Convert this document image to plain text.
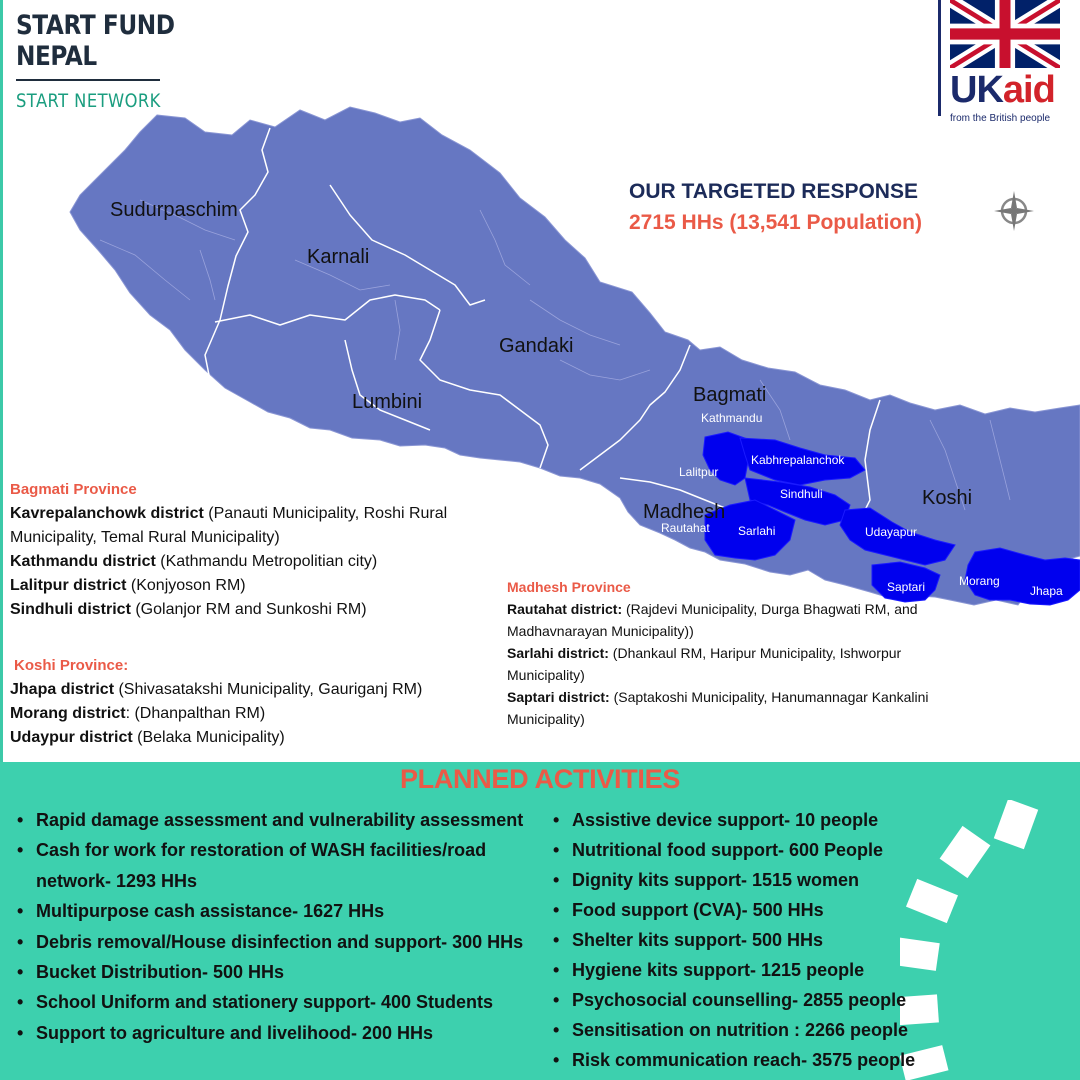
Sudurpaschim
Karnali
Gandaki
Lumbini	Bagmati
Madhesh
Koshi
Kathmandu
Kabhrepalanchok
Lalitpur
Sindhuli
Rautahat Sarlahi	Udayapur
Saptari	Morang
Jhapa
START FUND
NEPAL
START NETWORK	UKaid
from the British people
OUR TARGETED RESPONSE
2715 HHs (13,541 Population)
Bagmati Province
Kavrepalanchowk district (Panauti Municipality, Roshi Rural Municipality, Temal Rural Municipality)
Kathmandu district (Kathmandu Metropolitian city)
Lalitpur district (Konjyoson RM)
Sindhuli district (Golanjor RM and Sunkoshi RM)
Koshi Province:
Jhapa district (Shivasatakshi Municipality, Gauriganj RM)
Morang district: (Dhanpalthan RM)
Udaypur district (Belaka Municipality)
Madhesh Province
Rautahat district: (Rajdevi Municipality, Durga Bhagwati RM, and Madhavnarayan Municipality))
Sarlahi district: (Dhankaul RM, Haripur Municipality, Ishworpur Municipality)
Saptari district: (Saptakoshi Municipality, Hanumannagar Kankalini Municipality)
PLANNED ACTIVITIES
• Rapid damage assessment and vulnerability assessment
• Cash for work for restoration of WASH facilities/road network- 1293 HHs
• Multipurpose cash assistance- 1627 HHs
• Debris removal/House disinfection and support- 300 HHs
• Bucket Distribution- 500 HHs
• School Uniform and stationery support- 400 Students
• Support to agriculture and livelihood- 200 HHs
• Assistive device support- 10 people
• Nutritional food support- 600 People
• Dignity kits support- 1515 women
• Food support (CVA)- 500 HHs
• Shelter kits support- 500 HHs
• Hygiene kits support- 1215 people
• Psychosocial counselling- 2855 people
• Sensitisation on nutrition : 2266 people
• Risk communication reach- 3575 people
